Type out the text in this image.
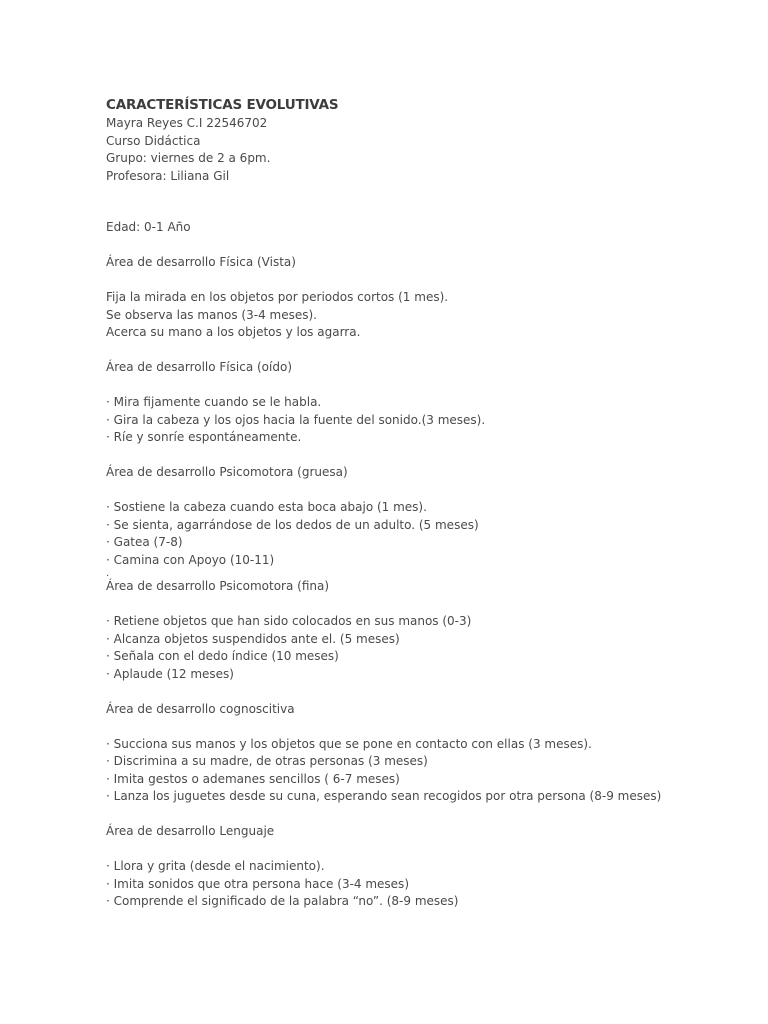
CARACTERÍSTICAS EVOLUTIVAS
Mayra Reyes C.I 22546702
Curso Didáctica
Grupo: viernes de 2 a 6pm.
Profesora: Liliana Gil
Edad: 0-1 Año
Área de desarrollo Física (Vista)
Fija la mirada en los objetos por periodos cortos (1 mes).
Se observa las manos (3-4 meses).
Acerca su mano a los objetos y los agarra.
Área de desarrollo Física (oído)
· Mira fijamente cuando se le habla.
· Gira la cabeza y los ojos hacia la fuente del sonido.(3 meses).
· Ríe y sonríe espontáneamente.
Área de desarrollo Psicomotora (gruesa)
· Sostiene la cabeza cuando esta boca abajo (1 mes).
· Se sienta, agarrándose de los dedos de un adulto. (5 meses)
· Gatea (7-8)
· Camina con Apoyo (10-11)
.
Área de desarrollo Psicomotora (fina)
· Retiene objetos que han sido colocados en sus manos (0-3)
· Alcanza objetos suspendidos ante el. (5 meses)
· Señala con el dedo índice (10 meses)
· Aplaude (12 meses)
Área de desarrollo cognoscitiva
· Succiona sus manos y los objetos que se pone en contacto con ellas (3 meses).
· Discrimina a su madre, de otras personas (3 meses)
· Imita gestos o ademanes sencillos ( 6-7 meses)
· Lanza los juguetes desde su cuna, esperando sean recogidos por otra persona (8-9 meses)
Área de desarrollo Lenguaje
· Llora y grita (desde el nacimiento).
· Imita sonidos que otra persona hace (3-4 meses)
· Comprende el significado de la palabra “no”. (8-9 meses)
